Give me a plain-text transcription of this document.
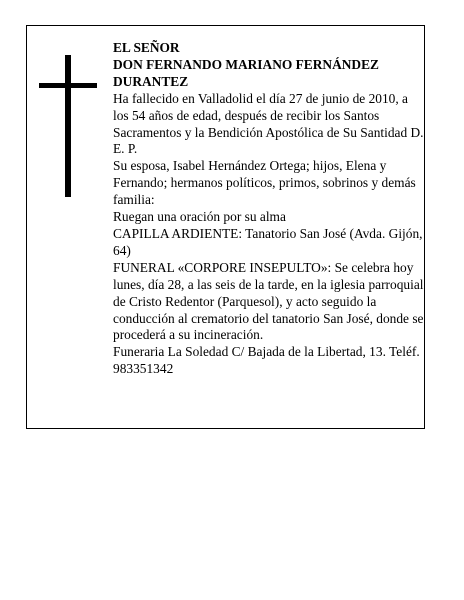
EL SEÑOR

DON FERNANDO MARIANO FERNÁNDEZ DURANTEZ

Ha fallecido en Valladolid el día 27 de junio de 2010, a los 54 años de edad, después de recibir los Santos Sacramentos y la Bendición Apostólica de Su Santidad D. E. P.

Su esposa, Isabel Hernández Ortega; hijos, Elena y Fernando; hermanos políticos, primos, sobrinos y demás familia:

Ruegan una oración por su alma

CAPILLA ARDIENTE: Tanatorio San José (Avda. Gijón, 64)

FUNERAL «CORPORE INSEPULTO»: Se celebra hoy lunes, día 28, a las seis de la tarde, en la iglesia parroquial de Cristo Redentor (Parquesol), y acto seguido la conducción al crematorio del tanatorio San José, donde se procederá a su incineración.

Funeraria La Soledad C/ Bajada de la Libertad, 13. Teléf. 983351342
